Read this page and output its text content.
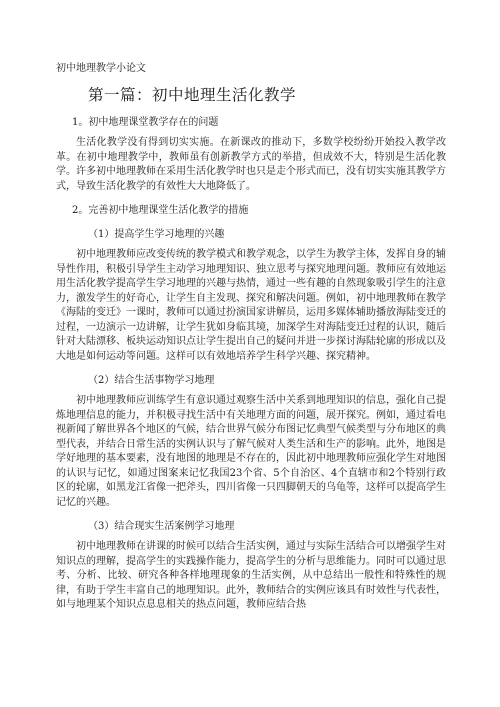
初中地理教学小论文

第一篇：初中地理生活化教学

1。初中地理课堂教学存在的问题

生活化教学没有得到切实实施。在新课改的推动下，多数学校纷纷开始投入教学改革。在初中地理教学中，教师虽有创新教学方式的举措，但成效不大，特别是生活化教学。许多初中地理教师在采用生活化教学时也只是走个形式而已，没有切实实施其教学方式，导致生活化教学的有效性大大地降低了。

2。完善初中地理课堂生活化教学的措施

（1）提高学生学习地理的兴趣

初中地理教师应改变传统的教学模式和教学观念，以学生为教学主体，发挥自身的辅导性作用，积极引导学生主动学习地理知识、独立思考与探究地理问题。教师应有效地运用生活化教学提高学生学习地理的兴趣与热情，通过一些有趣的自然现象吸引学生的注意力，激发学生的好奇心，让学生自主发现、探究和解决问题。例如，初中地理教师在教学《海陆的变迁》一课时，教师可以通过扮演国家讲解员，运用多媒体辅助播放海陆变迁的过程，一边演示一边讲解，让学生犹如身临其境，加深学生对海陆变迁过程的认识，随后针对大陆漂移、板块运动知识点让学生提出自己的疑问并进一步探讨海陆轮廓的形成以及大地是如何运动等问题。这样可以有效地培养学生科学兴趣、探究精神。

（2）结合生活事物学习地理

初中地理教师应训练学生有意识通过观察生活中关系到地理知识的信息，强化自己提炼地理信息的能力，并积极寻找生活中有关地理方面的问题，展开探究。例如，通过看电视新闻了解世界各个地区的气候，结合世界气候分布图记忆典型气候类型与分布地区的典型代表，并结合日常生活的实例认识与了解气候对人类生活和生产的影响。此外，地图是学好地理的基本要素，没有地图的地理是不存在的，因此初中地理教师应强化学生对地图的认识与记忆，如通过图案来记忆我国23个省、5个自治区、4个直辖市和2个特别行政区的轮廓，如黑龙江省像一把斧头，四川省像一只四脚朝天的乌龟等，这样可以提高学生记忆的兴趣。

（3）结合现实生活案例学习地理

初中地理教师在讲课的时候可以结合生活实例，通过与实际生活结合可以增强学生对知识点的理解，提高学生的实践操作能力，提高学生的分析与思维能力。同时可以通过思考、分析、比较、研究各种各样地理现象的生活实例，从中总结出一般性和特殊性的规律，有助于学生丰富自己的地理知识。此外，教师结合的实例应该具有时效性与代表性，如与地理某个知识点息息相关的热点问题，教师应结合热
